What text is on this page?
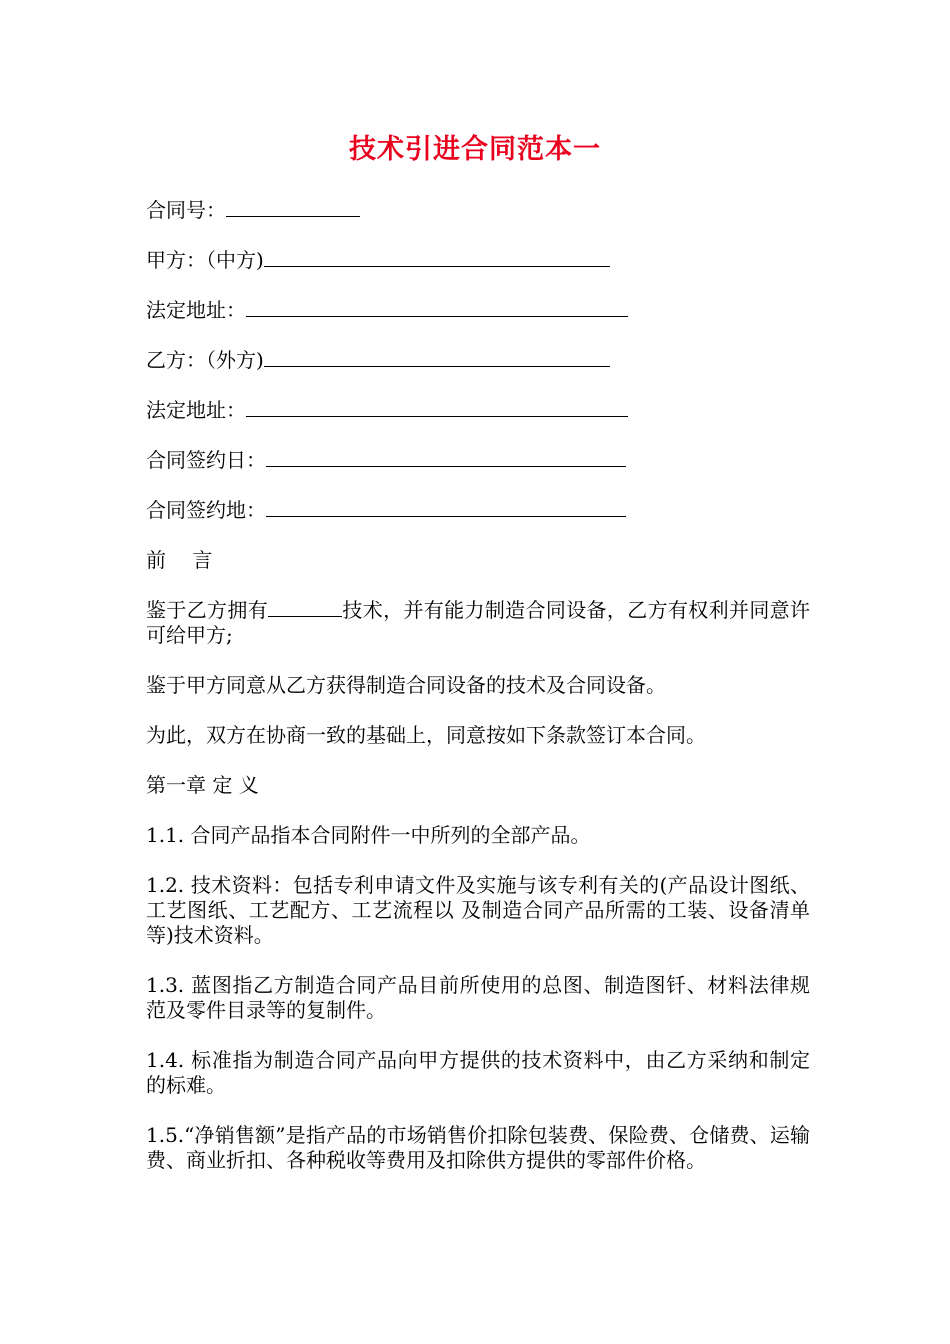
技术引进合同范本一
合同号：
甲方：（中方)
法定地址：
乙方：（外方)
法定地址：
合同签约日：
合同签约地：
前 言

鉴于乙方拥有	技术，并有能力制造合同设备，乙方有权利并同意许可给甲方;

鉴于甲方同意从乙方获得制造合同设备的技术及合同设备。

为此，双方在协商一致的基础上，同意按如下条款签订本合同。

第一章 定 义

1.1. 合同产品指本合同附件一中所列的全部产品。

1.2. 技术资料：包括专利申请文件及实施与该专利有关的(产品设计图纸、工艺图纸、工艺配方、工艺流程以 及制造合同产品所需的工装、设备清单等)技术资料。

1.3. 蓝图指乙方制造合同产品目前所使用的总图、制造图钎、材料法律规范及零件目录等的复制件。

1.4. 标准指为制造合同产品向甲方提供的技术资料中，由乙方采纳和制定的标难。

1.5.“净销售额”是指产品的市场销售价扣除包装费、保险费、仓储费、运输费、商业折扣、各种税收等费用及扣除供方提供的零部件价格。
